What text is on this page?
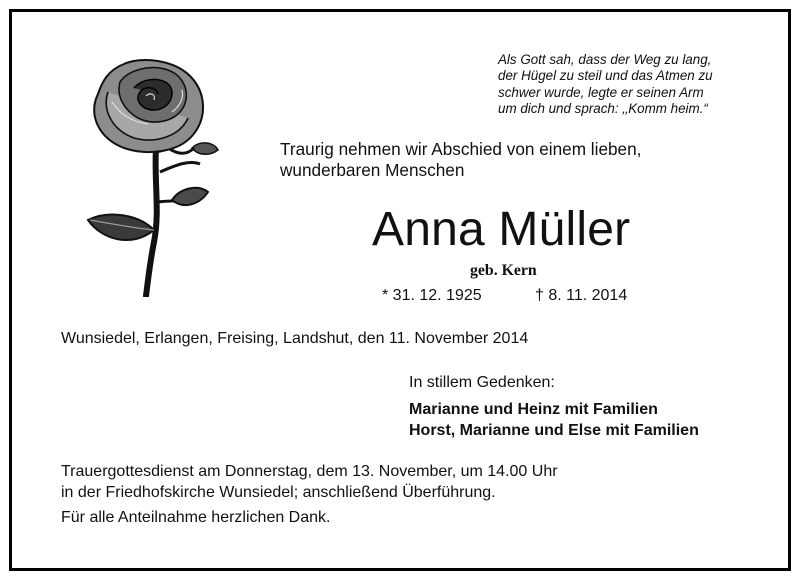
Als Gott sah, dass der Weg zu lang,
der Hügel zu steil und das Atmen zu
schwer wurde, legte er seinen Arm
um dich und sprach: ‚‚Komm heim.“
Traurig nehmen wir Abschied von einem lieben,
wunderbaren Menschen
Anna Müller
geb. Kern
* 31. 12. 1925	† 8. 11. 2014
Wunsiedel, Erlangen, Freising, Landshut, den 11. November 2014
In stillem Gedenken:
Marianne und Heinz mit Familien
Horst, Marianne und Else mit Familien
Trauergottesdienst am Donnerstag, dem 13. November, um 14.00 Uhr
in der Friedhofskirche Wunsiedel; anschließend Überführung.
Für alle Anteilnahme herzlichen Dank.
